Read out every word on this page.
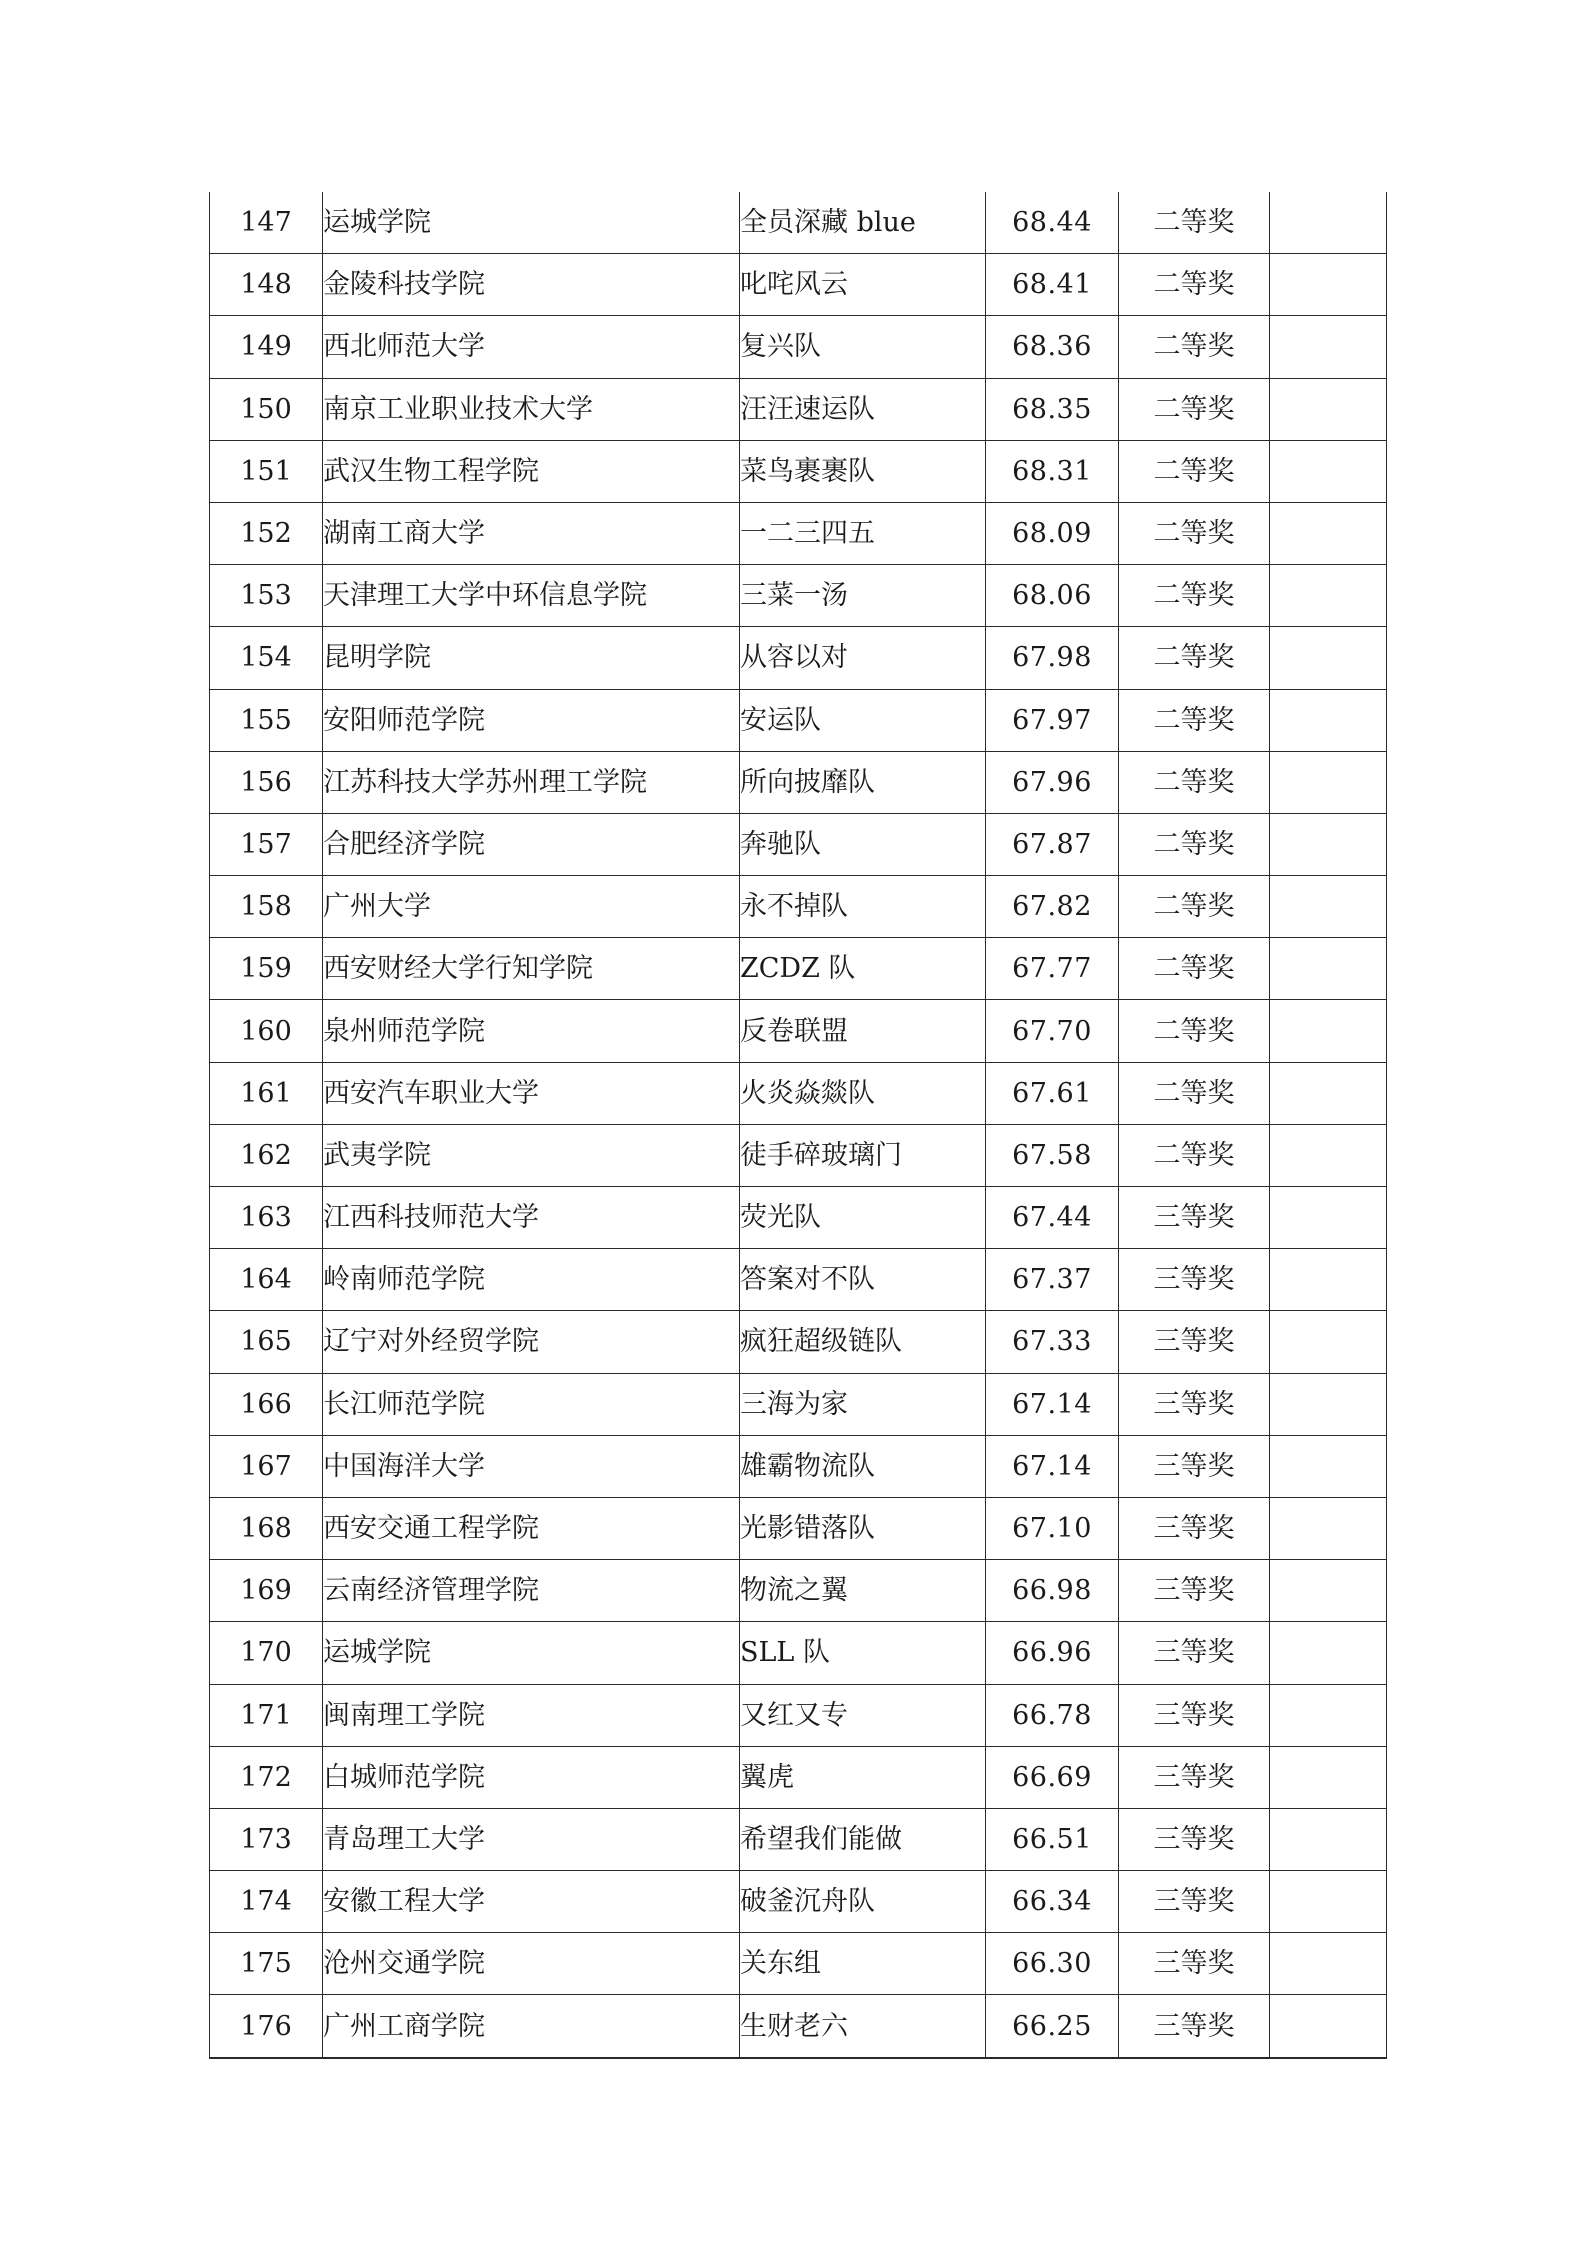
147	运城学院	全员深藏 blue	68.44	二等奖	
148	金陵科技学院	叱咤风云	68.41	二等奖	
149	西北师范大学	复兴队	68.36	二等奖	
150	南京工业职业技术大学	汪汪速运队	68.35	二等奖	
151	武汉生物工程学院	菜鸟裹裹队	68.31	二等奖	
152	湖南工商大学	一二三四五	68.09	二等奖	
153	天津理工大学中环信息学院	三菜一汤	68.06	二等奖	
154	昆明学院	从容以对	67.98	二等奖	
155	安阳师范学院	安运队	67.97	二等奖	
156	江苏科技大学苏州理工学院	所向披靡队	67.96	二等奖	
157	合肥经济学院	奔驰队	67.87	二等奖	
158	广州大学	永不掉队	67.82	二等奖	
159	西安财经大学行知学院	ZCDZ 队	67.77	二等奖	
160	泉州师范学院	反卷联盟	67.70	二等奖	
161	西安汽车职业大学	火炎焱燚队	67.61	二等奖	
162	武夷学院	徒手碎玻璃门	67.58	二等奖	
163	江西科技师范大学	荧光队	67.44	三等奖	
164	岭南师范学院	答案对不队	67.37	三等奖	
165	辽宁对外经贸学院	疯狂超级链队	67.33	三等奖	
166	长江师范学院	三海为家	67.14	三等奖	
167	中国海洋大学	雄霸物流队	67.14	三等奖	
168	西安交通工程学院	光影错落队	67.10	三等奖	
169	云南经济管理学院	物流之翼	66.98	三等奖	
170	运城学院	SLL 队	66.96	三等奖	
171	闽南理工学院	又红又专	66.78	三等奖	
172	白城师范学院	翼虎	66.69	三等奖	
173	青岛理工大学	希望我们能做	66.51	三等奖	
174	安徽工程大学	破釜沉舟队	66.34	三等奖	
175	沧州交通学院	关东组	66.30	三等奖	
176	广州工商学院	生财老六	66.25	三等奖	
